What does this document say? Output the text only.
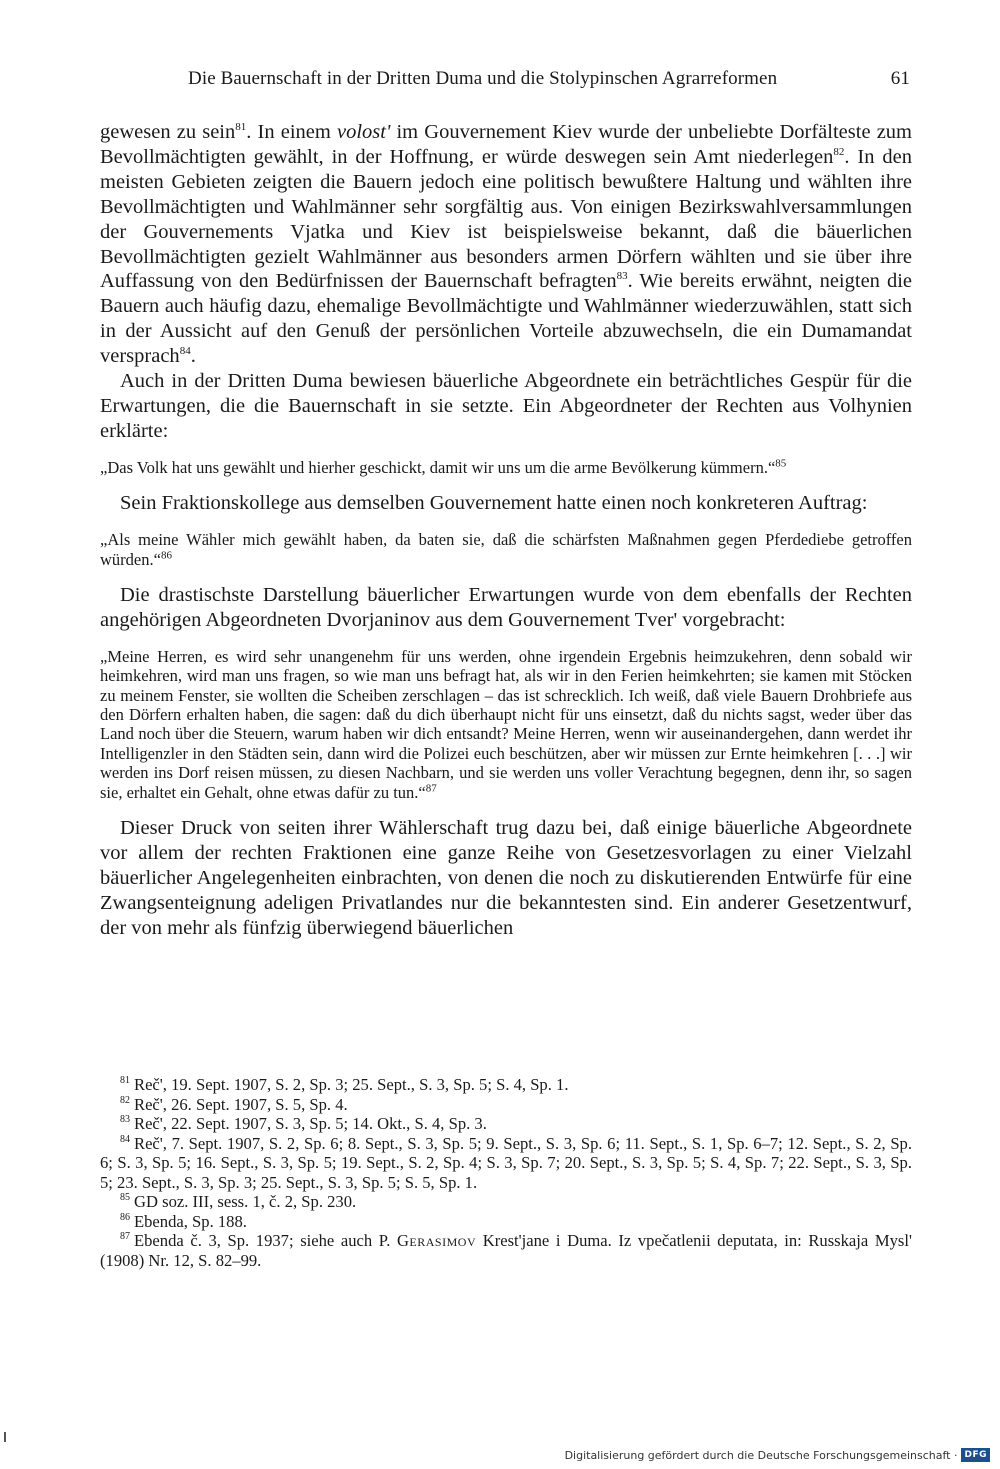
Die Bauernschaft in der Dritten Duma und die Stolypinschen Agrarreformen	61

gewesen zu sein$^{81}$. In einem volost' im Gouvernement Kiev wurde der unbeliebte Dorfälteste zum Bevollmächtigten gewählt, in der Hoffnung, er würde deswegen sein Amt niederlegen$^{82}$. In den meisten Gebieten zeigten die Bauern jedoch eine politisch bewußtere Haltung und wählten ihre Bevollmächtigten und Wahlmänner sehr sorgfältig aus. Von einigen Bezirkswahlversammlungen der Gouvernements Vjatka und Kiev ist beispielsweise bekannt, daß die bäuerlichen Bevollmächtigten gezielt Wahlmänner aus besonders armen Dörfern wählten und sie über ihre Auffassung von den Bedürfnissen der Bauernschaft befragten$^{83}$. Wie bereits erwähnt, neigten die Bauern auch häufig dazu, ehemalige Bevollmächtigte und Wahlmänner wiederzuwählen, statt sich in der Aussicht auf den Genuß der persönlichen Vorteile abzuwechseln, die ein Dumamandat versprach$^{84}$.

Auch in der Dritten Duma bewiesen bäuerliche Abgeordnete ein beträchtliches Gespür für die Erwartungen, die die Bauernschaft in sie setzte. Ein Abgeordneter der Rechten aus Volhynien erklärte:

„Das Volk hat uns gewählt und hierher geschickt, damit wir uns um die arme Bevölkerung kümmern.“$^{85}$

Sein Fraktionskollege aus demselben Gouvernement hatte einen noch konkreteren Auftrag:

„Als meine Wähler mich gewählt haben, da baten sie, daß die schärfsten Maßnahmen gegen Pferdediebe getroffen würden.“$^{86}$

Die drastischste Darstellung bäuerlicher Erwartungen wurde von dem ebenfalls der Rechten angehörigen Abgeordneten Dvorjaninov aus dem Gouvernement Tver' vorgebracht:

„Meine Herren, es wird sehr unangenehm für uns werden, ohne irgendein Ergebnis heimzukehren, denn sobald wir heimkehren, wird man uns fragen, so wie man uns befragt hat, als wir in den Ferien heimkehrten; sie kamen mit Stöcken zu meinem Fenster, sie wollten die Scheiben zerschlagen – das ist schrecklich. Ich weiß, daß viele Bauern Drohbriefe aus den Dörfern erhalten haben, die sagen: daß du dich überhaupt nicht für uns einsetzt, daß du nichts sagst, weder über das Land noch über die Steuern, warum haben wir dich entsandt? Meine Herren, wenn wir auseinandergehen, dann werdet ihr Intelligenzler in den Städten sein, dann wird die Polizei euch beschützen, aber wir müssen zur Ernte heimkehren [. . .] wir werden ins Dorf reisen müssen, zu diesen Nachbarn, und sie werden uns voller Verachtung begegnen, denn ihr, so sagen sie, erhaltet ein Gehalt, ohne etwas dafür zu tun.“$^{87}$

Dieser Druck von seiten ihrer Wählerschaft trug dazu bei, daß einige bäuerliche Abgeordnete vor allem der rechten Fraktionen eine ganze Reihe von Gesetzesvorlagen zu einer Vielzahl bäuerlicher Angelegenheiten einbrachten, von denen die noch zu diskutierenden Entwürfe für eine Zwangsenteignung adeligen Privatlandes nur die bekanntesten sind. Ein anderer Gesetzentwurf, der von mehr als fünfzig überwiegend bäuerlichen

$^{81}$ Reč', 19. Sept. 1907, S. 2, Sp. 3; 25. Sept., S. 3, Sp. 5; S. 4, Sp. 1.

$^{82}$ Reč', 26. Sept. 1907, S. 5, Sp. 4.

$^{83}$ Reč', 22. Sept. 1907, S. 3, Sp. 5; 14. Okt., S. 4, Sp. 3.

$^{84}$ Reč', 7. Sept. 1907, S. 2, Sp. 6; 8. Sept., S. 3, Sp. 5; 9. Sept., S. 3, Sp. 6; 11. Sept., S. 1, Sp. 6–7; 12. Sept., S. 2, Sp. 6; S. 3, Sp. 5; 16. Sept., S. 3, Sp. 5; 19. Sept., S. 2, Sp. 4; S. 3, Sp. 7; 20. Sept., S. 3, Sp. 5; S. 4, Sp. 7; 22. Sept., S. 3, Sp. 5; 23. Sept., S. 3, Sp. 3; 25. Sept., S. 3, Sp. 5; S. 5, Sp. 1.

$^{85}$ GD soz. III, sess. 1, č. 2, Sp. 230.

$^{86}$ Ebenda, Sp. 188.

$^{87}$ Ebenda č. 3, Sp. 1937; siehe auch P. Gerasimov Krest'jane i Duma. Iz vpečatlenii deputata, in: Russkaja Mysl' (1908) Nr. 12, S. 82–99.

Digitalisierung gefördert durch die Deutsche Forschungsgemeinschaft · DFG
